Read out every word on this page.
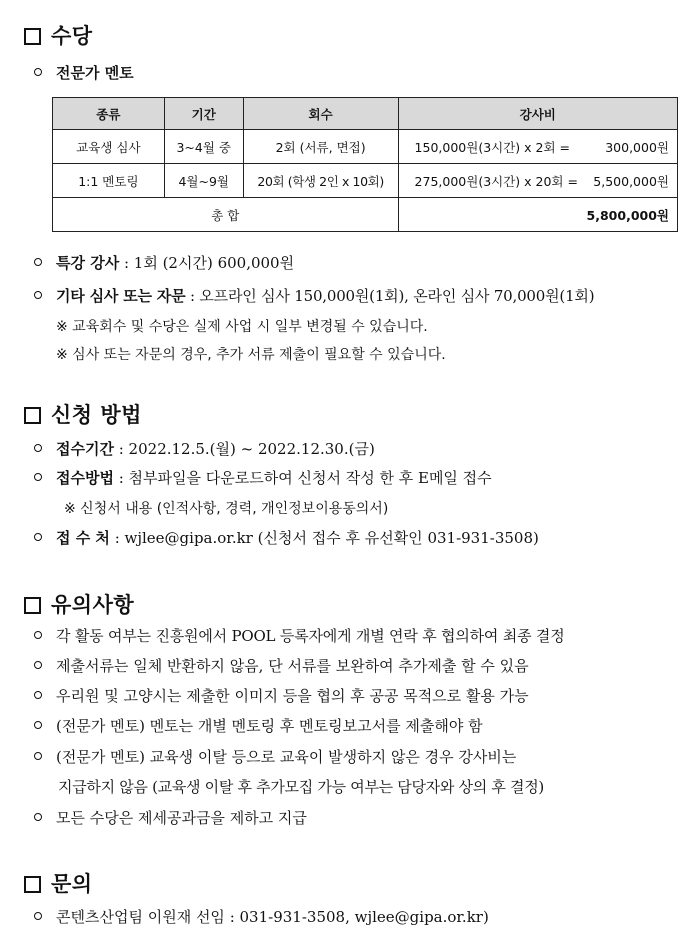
수당
전문가 멘토
종류	기간	회수	강사비
교육생 심사	3~4월 중	2회 (서류, 면접)	150,000원(3시간) x 2회 = 300,000원
1:1 멘토링	4월~9월	20회 (학생 2인 x 10회)	275,000원(3시간) x 20회 = 5,500,000원
총 합			5,800,000원
특강 강사 : 1회 (2시간) 600,000원
기타 심사 또는 자문 : 오프라인 심사 150,000원(1회), 온라인 심사 70,000원(1회)
※ 교육회수 및 수당은 실제 사업 시 일부 변경될 수 있습니다.
※ 심사 또는 자문의 경우, 추가 서류 제출이 필요할 수 있습니다.
신청 방법
접수기간 : 2022.12.5.(월) ~ 2022.12.30.(금)
접수방법 : 첨부파일을 다운로드하여 신청서 작성 한 후 E메일 접수
※ 신청서 내용 (인적사항, 경력, 개인정보이용동의서)
접 수 처 : wjlee@gipa.or.kr (신청서 접수 후 유선확인 031-931-3508)
유의사항
각 활동 여부는 진흥원에서 POOL 등록자에게 개별 연락 후 협의하여 최종 결정
제출서류는 일체 반환하지 않음, 단 서류를 보완하여 추가제출 할 수 있음
우리원 및 고양시는 제출한 이미지 등을 협의 후 공공 목적으로 활용 가능
(전문가 멘토) 멘토는 개별 멘토링 후 멘토링보고서를 제출해야 함
(전문가 멘토) 교육생 이탈 등으로 교육이 발생하지 않은 경우 강사비는
지급하지 않음 (교육생 이탈 후 추가모집 가능 여부는 담당자와 상의 후 결정)
모든 수당은 제세공과금을 제하고 지급
문의
콘텐츠산업팀 이원재 선임 : 031-931-3508, wjlee@gipa.or.kr)
